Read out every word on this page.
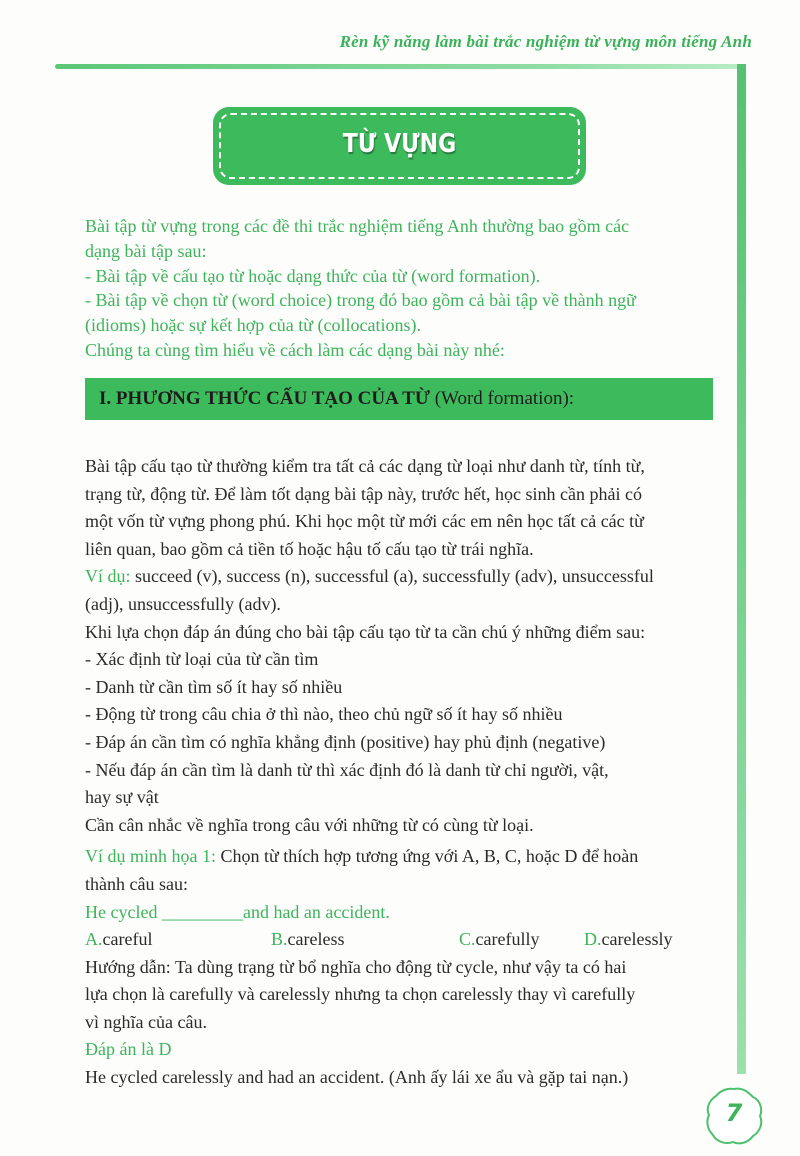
Rèn kỹ năng làm bài trắc nghiệm từ vựng môn tiếng Anh
TỪ VỰNG
Bài tập từ vựng trong các đề thi trắc nghiệm tiếng Anh thường bao gồm các
dạng bài tập sau:
- Bài tập về cấu tạo từ hoặc dạng thức của từ (word formation).
- Bài tập về chọn từ (word choice) trong đó bao gồm cả bài tập về thành ngữ
(idioms) hoặc sự kết hợp của từ (collocations).
Chúng ta cùng tìm hiểu về cách làm các dạng bài này nhé:
I. PHƯƠNG THỨC CẤU TẠO CỦA TỪ (Word formation):
Bài tập cấu tạo từ thường kiểm tra tất cả các dạng từ loại như danh từ, tính từ,
trạng từ, động từ. Để làm tốt dạng bài tập này, trước hết, học sinh cần phải có
một vốn từ vựng phong phú. Khi học một từ mới các em nên học tất cả các từ
liên quan, bao gồm cả tiền tố hoặc hậu tố cấu tạo từ trái nghĩa.
Ví dụ: succeed (v), success (n), successful (a), successfully (adv), unsuccessful
(adj), unsuccessfully (adv).
Khi lựa chọn đáp án đúng cho bài tập cấu tạo từ ta cần chú ý những điểm sau:
- Xác định từ loại của từ cần tìm
- Danh từ cần tìm số ít hay số nhiều
- Động từ trong câu chia ở thì nào, theo chủ ngữ số ít hay số nhiều
- Đáp án cần tìm có nghĩa khẳng định (positive) hay phủ định (negative)
- Nếu đáp án cần tìm là danh từ thì xác định đó là danh từ chỉ người, vật,
hay sự vật
Cần cân nhắc về nghĩa trong câu với những từ có cùng từ loại.
Ví dụ minh họa 1: Chọn từ thích hợp tương ứng với A, B, C, hoặc D để hoàn
thành câu sau:
He cycled _________and had an accident.
A.careful	B.careless	C.carefully D.carelessly
Hướng dẫn: Ta dùng trạng từ bổ nghĩa cho động từ cycle, như vậy ta có hai
lựa chọn là carefully và carelessly nhưng ta chọn carelessly thay vì carefully
vì nghĩa của câu.
Đáp án là D
He cycled carelessly and had an accident. (Anh ấy lái xe ẩu và gặp tai nạn.)
7
